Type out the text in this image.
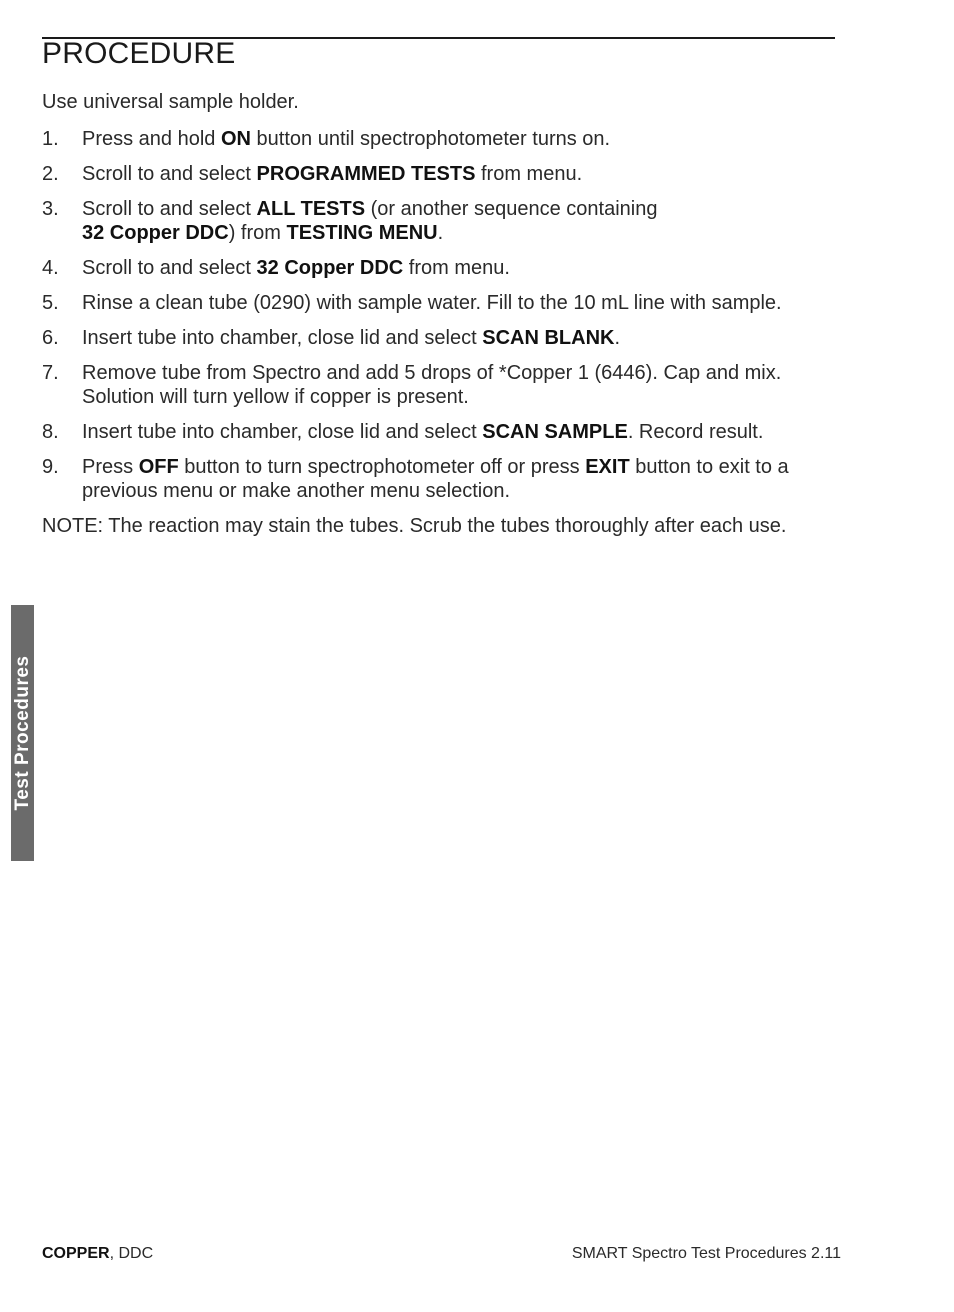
PROCEDURE

Use universal sample holder.

1. Press and hold ON button until spectrophotometer turns on.
2. Scroll to and select PROGRAMMED TESTS from menu.
3. Scroll to and select ALL TESTS (or another sequence containing
32 Copper DDC) from TESTING MENU.
4. Scroll to and select 32 Copper DDC from menu.
5. Rinse a clean tube (0290) with sample water. Fill to the 10 mL line with sample.
6. Insert tube into chamber, close lid and select SCAN BLANK.
7. Remove tube from Spectro and add 5 drops of *Copper 1 (6446). Cap and mix. Solution will turn yellow if copper is present.
8. Insert tube into chamber, close lid and select SCAN SAMPLE. Record result.
9. Press OFF button to turn spectrophotometer off or press EXIT button to exit to a previous menu or make another menu selection.

NOTE: The reaction may stain the tubes. Scrub the tubes thoroughly after each use.

Test Procedures
COPPER, DDC	SMART Spectro Test Procedures 2.11
